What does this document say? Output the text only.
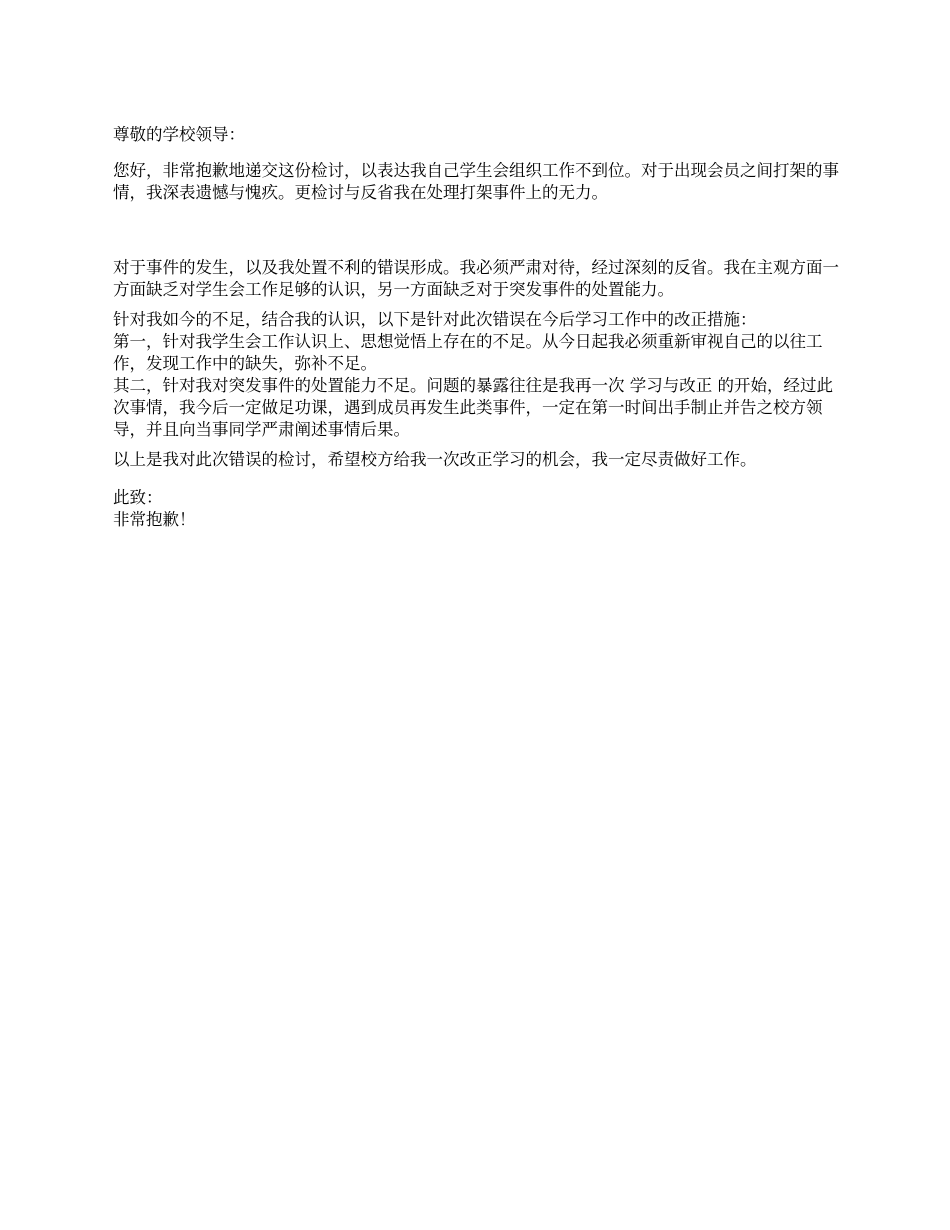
尊敬的学校领导：

您好，非常抱歉地递交这份检讨，以表达我自己学生会组织工作不到位。对于出现会员之间打架的事情，我深表遗憾与愧疚。更检讨与反省我在处理打架事件上的无力。

对于事件的发生，以及我处置不利的错误形成。我必须严肃对待，经过深刻的反省。我在主观方面一方面缺乏对学生会工作足够的认识，另一方面缺乏对于突发事件的处置能力。

针对我如今的不足，结合我的认识，以下是针对此次错误在今后学习工作中的改正措施：
第一，针对我学生会工作认识上、思想觉悟上存在的不足。从今日起我必须重新审视自己的以往工作，发现工作中的缺失，弥补不足。
其二，针对我对突发事件的处置能力不足。问题的暴露往往是我再一次 学习与改正 的开始，经过此次事情，我今后一定做足功课，遇到成员再发生此类事件，一定在第一时间出手制止并告之校方领导，并且向当事同学严肃阐述事情后果。

以上是我对此次错误的检讨，希望校方给我一次改正学习的机会，我一定尽责做好工作。

此致：
非常抱歉！
